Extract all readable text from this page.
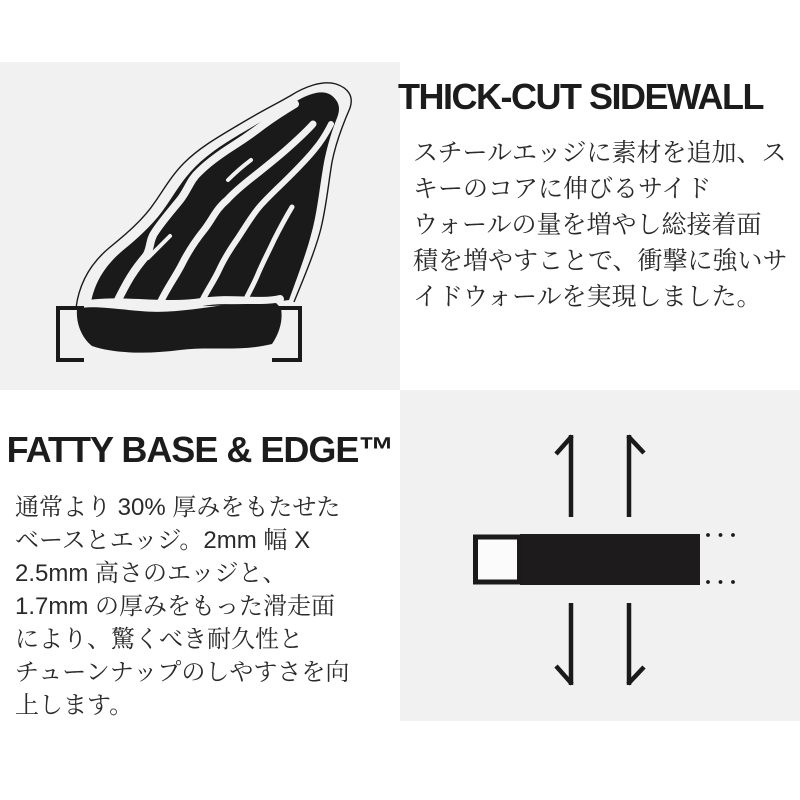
THICK-CUT SIDEWALL
スチールエッジに素材を追加、ス
キーのコアに伸びるサイド
ウォールの量を増やし総接着面
積を増やすことで、衝撃に強いサ
イドウォールを実現しました。
FATTY BASE & EDGE™
通常より 30% 厚みをもたせた
ベースとエッジ。2mm 幅 X
2.5mm 高さのエッジと、
1.7mm の厚みをもった滑走面
により、驚くべき耐久性と
チューンナップのしやすさを向
上します。
